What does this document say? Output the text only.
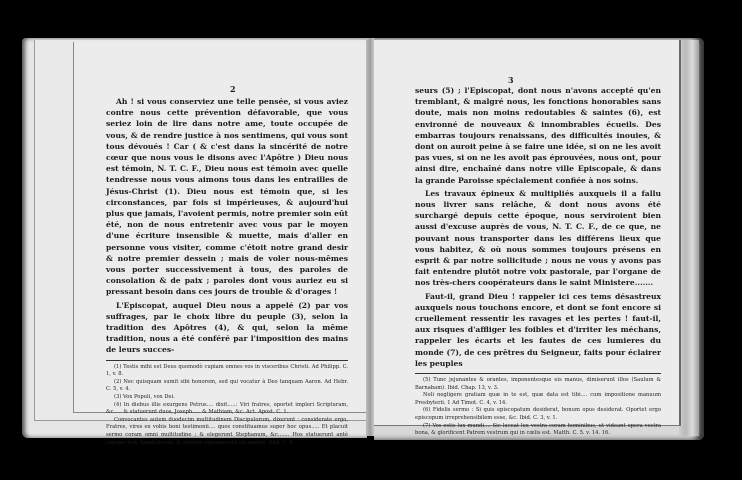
2

Ah ! si vous conserviez une telle pensée, si vous aviez contre nous cette prévention défavorable, que vous seriez loin de lire dans notre ame, toute occupée de vous, & de rendre justice à nos sentimens, qui vous sont tous dévoués ! Car ( & c'est dans la sincérité de notre cœur que nous vous le disons avec l'Apôtre ) Dieu nous est témoin, N. T. C. F., Dieu nous est témoin avec quelle tendresse nous vous aimons tous dans les entrailles de Jésus-Christ (1). Dieu nous est témoin que, si les circonstances, par fois si impérieuses, & aujourd'hui plus que jamais, l'avoient permis, notre premier soin eût été, non de nous entretenir avec vous par le moyen d'une écriture insensible & muette, mais d'aller en personne vous visiter, comme c'étoit notre grand desir & notre premier dessein ; mais de voler nous-mêmes vous porter successivement à tous, des paroles de consolation & de paix ; paroles dont vous auriez eu si pressant besoin dans ces jours de trouble & d'orages !

L'Episcopat, auquel Dieu nous a appelé (2) par vos suffrages, par le choix libre du peuple (3), selon la tradition des Apôtres (4), & qui, selon la même tradition, nous a été conféré par l'imposition des mains de leurs succes-

(1) Testis mihi est Deus quomodò cupiam omnes vos in visceribus Christi. Ad Philipp. C. 1, v. 8.

(2) Nec quisquam sumit sibi honorem, sed qui vocatur à Deo tanquam Aaron. Ad Hebr. C. 5, v. 4.

(3) Vox Populi, vox Dei.

(4) In diebus illis exurgens Petrus.... dixit.....: Viri fratres, oportet impleri Scripturam, &c..... & statuerunt duos, Joseph..... & Mathiam, &c. Act. Apost. C. 1.

Convocantes autem duodecim multitudinem Discipulorum, dixerunt : considerate ergo, Fratres, viros ex vobis boni testimonii.... quos constituamus super hoc opus..... Et placuit sermo coram omni multitudine ; & elegerunt Stephanum, &c....... Hos statuerunt antè conspectum Apostolorum, & orantes imposuerunt eis manus. Ibid. C. 6.

3

seurs (5) ; l'Episcopat, dont nous n'avons accepté qu'en tremblant, & malgré nous, les fonctions honorables sans doute, mais non moins redoutables & saintes (6), est environné de nouveaux & innombrables écueils. Des embarras toujours renaissans, des difficultés inouies, & dont on auroit peine à se faire une idée, si on ne les avoit pas vues, si on ne les avoit pas éprouvées, nous ont, pour ainsi dire, enchaîné dans notre ville Episcopale, & dans la grande Paroisse spécialement confiée à nos soins.

Les travaux épineux & multipliés auxquels il a fallu nous livrer sans relâche, & dont nous avons été surchargé depuis cette époque, nous serviroient bien aussi d'excuse auprès de vous, N. T. C. F., de ce que, ne pouvant nous transporter dans les différens lieux que vous habitez, & où nous sommes toujours présens en esprit & par notre sollicitude ; nous ne vous y avons pas fait entendre plutôt notre voix pastorale, par l'organe de nos très-chers coopérateurs dans le saint Ministere.......

Faut-il, grand Dieu ! rappeler ici ces tems désastreux auxquels nous touchons encore, et dont se font encore si cruellement ressentir les ravages et les pertes ! faut-il, aux risques d'affliger les foibles et d'irriter les méchans, rappeler les écarts et les fautes de ces lumieres du monde (7), de ces prêtres du Seigneur, faits pour éclairer les peuples

(5) Tunc jejunantes & orantes, imponentesque eis manus, dimiserunt illos (Saulum & Barnabam). Ibid. Chap. 13, v. 3.

Noli negligere gratiam quæ in te est, quæ data est tibi.... cum impositione manuum Presbyterii. 1 Ad Timot. C. 4, v. 14.

(6) Fidelis sermo : Si quis episcopatum desiderat, bonum opus desiderat. Oportet ergo episcopum irreprehensibilem esse, &c. Ibid. C. 3, v. 1.

(7) Vos estis lux mundi.... Sic luceat lux vestra coram hominibus, ut videant opera vestra bona, & glorificent Patrem vestrum qui in cœlis est. Matth. C. 5. v. 14. 16.
